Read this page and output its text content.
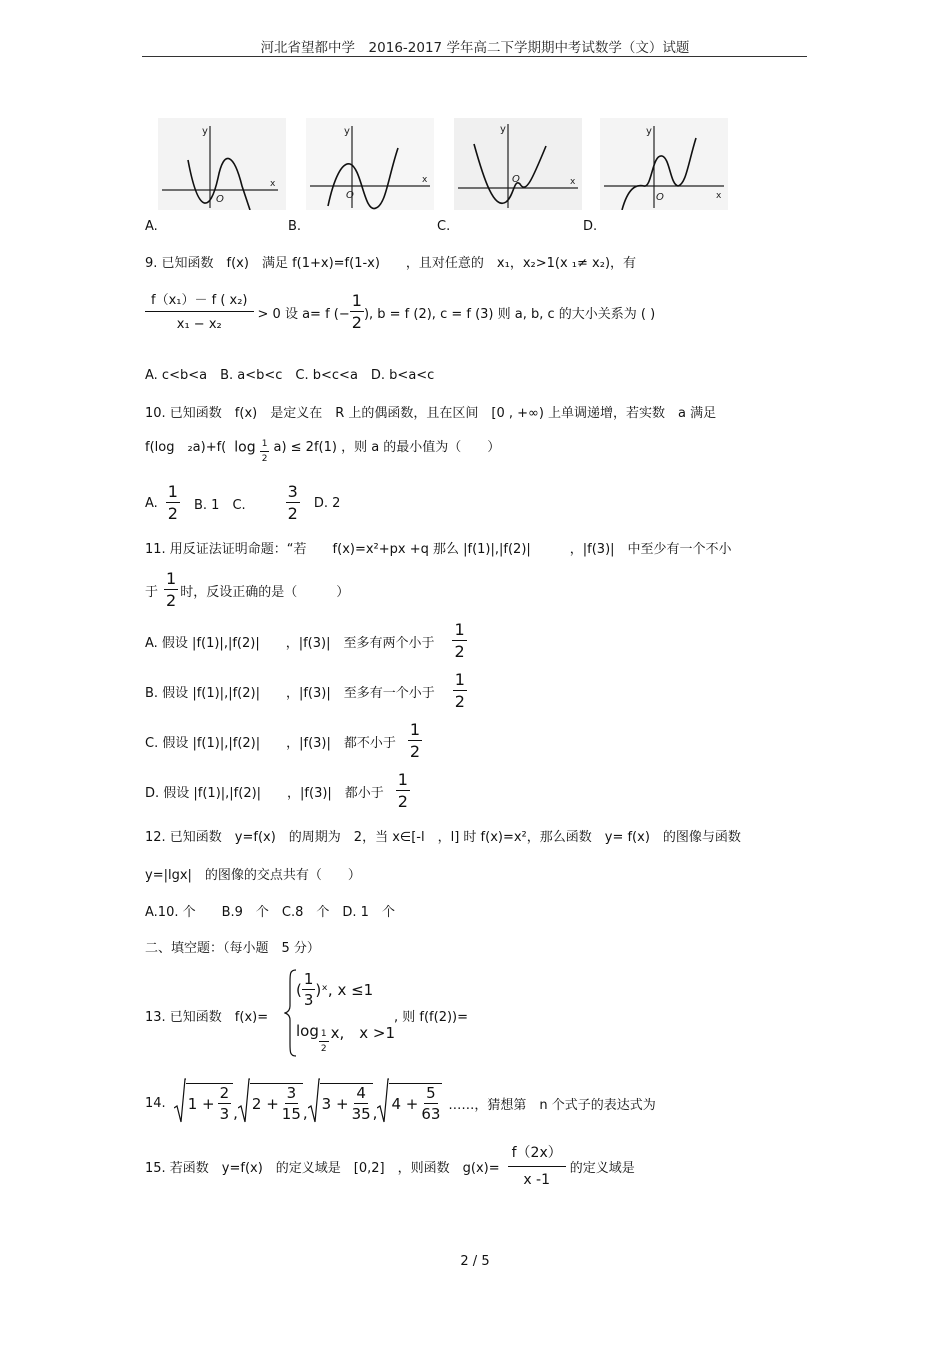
河北省望都中学　2016-2017 学年高二下学期期中考试数学（文）试题
y
O
x
A.
y
O
x
B.
y
O	x
C.
y
O	x
D.
9. 已知函数　f(x)　满足 f(1+x)=f(1-x)　　，且对任意的　x₁，x₂>1(x ₁≠ x₂)，有
$\frac{\text{f（x₁）－ f ( x₂)}}{\text{x₁ − x₂}} > 0$ 设 a= f (− $\frac{1}{2}$ ), b = f (2), c = f (3) 则 a, b, c 的大小关系为 ( )
A. c<b<a　B. a<b<c　C. b<c<a　D. b<a<c
10. 已知函数　f(x)　是定义在　R 上的偶函数，且在区间　[0 , +∞) 上单调递增，若实数　a 满足
f(log　₂a)+f( $\log \frac{1}{2} a) \le 2f(1)$ ，则 a 的最小值为（　　）
A. $\frac{1}{2} B$. 1　C.	$\frac{3}{2} D$. 2
11. 用反证法证明命题：“若　　f(x)=x²+px +q 那么 |f(1)|,|f(2)|　　　，|f(3)|　中至少有一个不小
于 $\frac{1}{2}$ 时，反设正确的是（　　　）
A. 假设 |f(1)|,|f(2)|　　，|f(3)|　至多有两个小于 $\frac{1}{2}$
B. 假设 |f(1)|,|f(2)|　　，|f(3)|　至多有一个小于 $\frac{1}{2}$
C. 假设 |f(1)|,|f(2)|　　，|f(3)|　都不小于 $\frac{1}{2}$
D. 假设 |f(1)|,|f(2)|　　，|f(3)|　都小于 $\frac{1}{2}$
12. 已知函数　y=f(x)　的周期为　2，当 x∈[-l　，l] 时 f(x)=x²，那么函数　y= f(x)　的图像与函数
y=|lgx|　的图像的交点共有（　　）
A.10. 个　　B.9　个　C.8　个　D. 1　个
二、填空题：（每小题　5 分）
13. 已知函数　f(x)=
( $\frac{1}{3}$ )ˣ, x ≤1
$\log \frac{1}{2} x$,　x >1
, 则 f(f(2))=
14. $1 + \frac{2}{3}$ ,
$2 + \frac{3}{15}$ ,
$3 + \frac{4}{35}$ ,
$4 + \frac{5}{63}$ ……，猜想第　n 个式子的表达式为
15. 若函数　y=f(x)　的定义域是　[0,2]　，则函数　$g(x)= \frac{f(2x)}{x -1}$ 的定义域是
2 / 5
